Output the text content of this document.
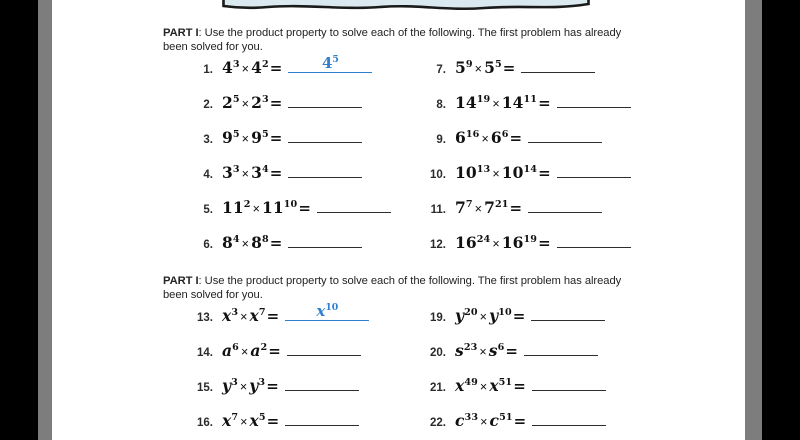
PART I: Use the product property to solve each of the following. The first problem has already been solved for you.

1. $4^3 \times 4^2=$	$4^5$
2. $2^5 \times 2^3=$
3. $9^5 \times 9^5=$
4. $3^3 \times 3^4=$
5. $11^2 \times 11^{10}=$
6. $8^4 \times 8^8=$
7. $5^9 \times 5^5=$
8. $14^{19} \times 14^{11}=$
9. $6^{16} \times 6^6=$
10. $10^{13} \times 10^{14}=$
11. $7^7 \times 7^{21}=$
12. $16^{24} \times 16^{19}=$

PART I: Use the product property to solve each of the following. The first problem has already been solved for you.

13. $x^3 \times x^7=$	$x^{10}$
14. $a^6 \times a^2=$
15. $y^3 \times y^3=$
16. $x^7 \times x^5=$
19. $y^{20} \times y^{10}=$
20. $s^{23} \times s^6=$
21. $x^{49} \times x^{51}=$
22. $c^{33} \times c^{51}=$
